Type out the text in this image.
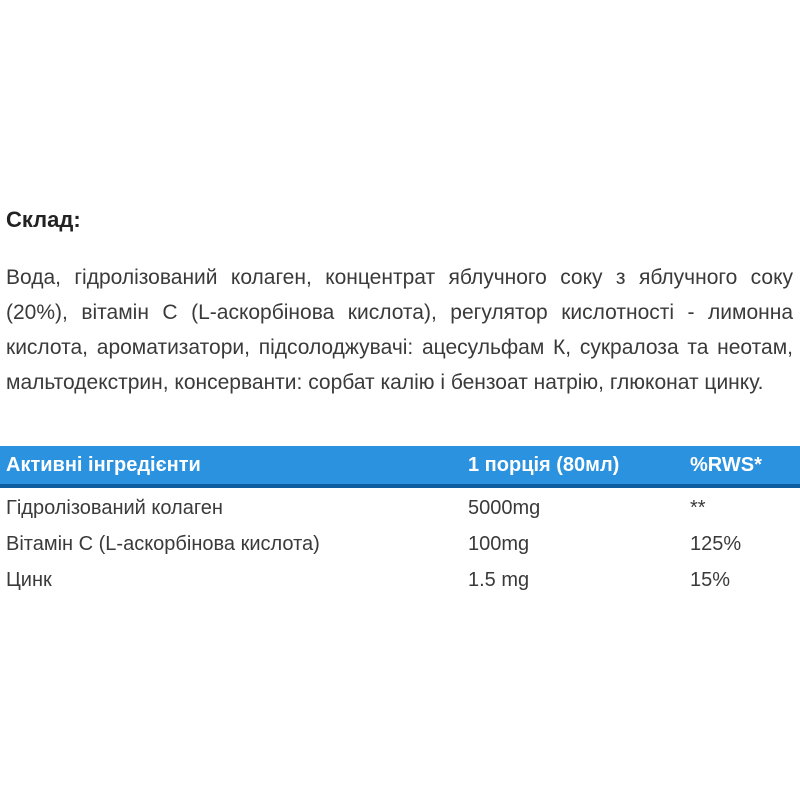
Склад:

Вода, гідролізований колаген, концентрат яблучного соку з яблучного соку (20%), вітамін С (L-аскорбінова кислота), регулятор кислотності - лимонна кислота, ароматизатори, підсолоджувачі: ацесульфам К, сукралоза та неотам, мальтодекстрин, консерванти: сорбат калію і бензоат натрію, глюконат цинку.

Активні інгредієнти	1 порція (80мл)	%RWS*
Гідролізований колаген	5000mg	**
Вітамін C (L-аскорбінова кислота)	100mg	125%
Цинк	1.5 mg	15%
